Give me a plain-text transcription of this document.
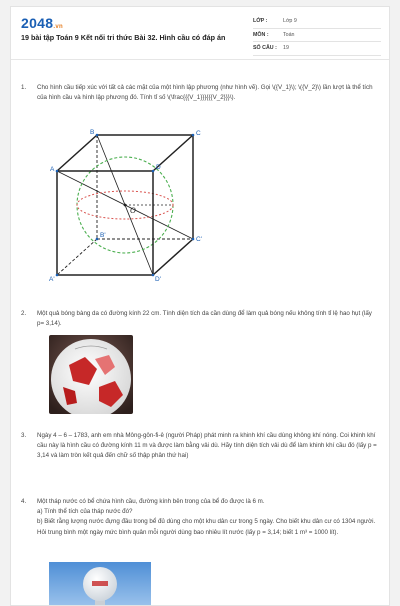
2048.vn
19 bài tập Toán 9 Kết nối tri thức Bài 32. Hình cầu có đáp án
LỚP :	Lớp 9
MÔN :	Toán
SỐ CÂU :	19
1. Cho hình cầu tiếp xúc với tất cả các mặt của một hình lập phương (như hình vẽ). Gọi \({V_1}\); \({V_2}\) lần lượt là thể tích của hình cầu và hình lập phương đó. Tính tỉ số \(\frac{{{V_1}}}{{{V_2}}}\).

B	C
A	D
B'
C'
A'	D'
O
2. Một quả bóng bàng da có đường kính 22 cm. Tính diện tích da cần dùng để làm quả bóng nếu không tính tỉ lệ hao hụt (lấy p= 3,14).

3. Ngày 4 – 6 – 1783, anh em nhà Mông-gôn-fi-ê (người Pháp) phát minh ra khinh khí cầu dùng không khí nóng. Coi khinh khí cầu này là hình cầu có đường kính 11 m và được làm bằng vải dù. Hãy tính diện tích vải dù để làm khinh khí cầu đó (lấy p = 3,14 và làm tròn kết quả đến chữ số thập phân thứ hai)

4. Một tháp nước có bể chứa hình cầu, đường kính bên trong của bể đo được là 6 m.

a) Tính thể tích của tháp nước đó?

b) Biết rằng lượng nước đựng đầu trong bể đủ dùng cho một khu dân cư trong 5 ngày. Cho biết khu dân cư có 1304 người. Hỏi trung bình một ngày mức bình quân mỗi người dùng bao nhiêu lít nước (lấy p = 3,14; biết 1 m³ = 1000 lít).
